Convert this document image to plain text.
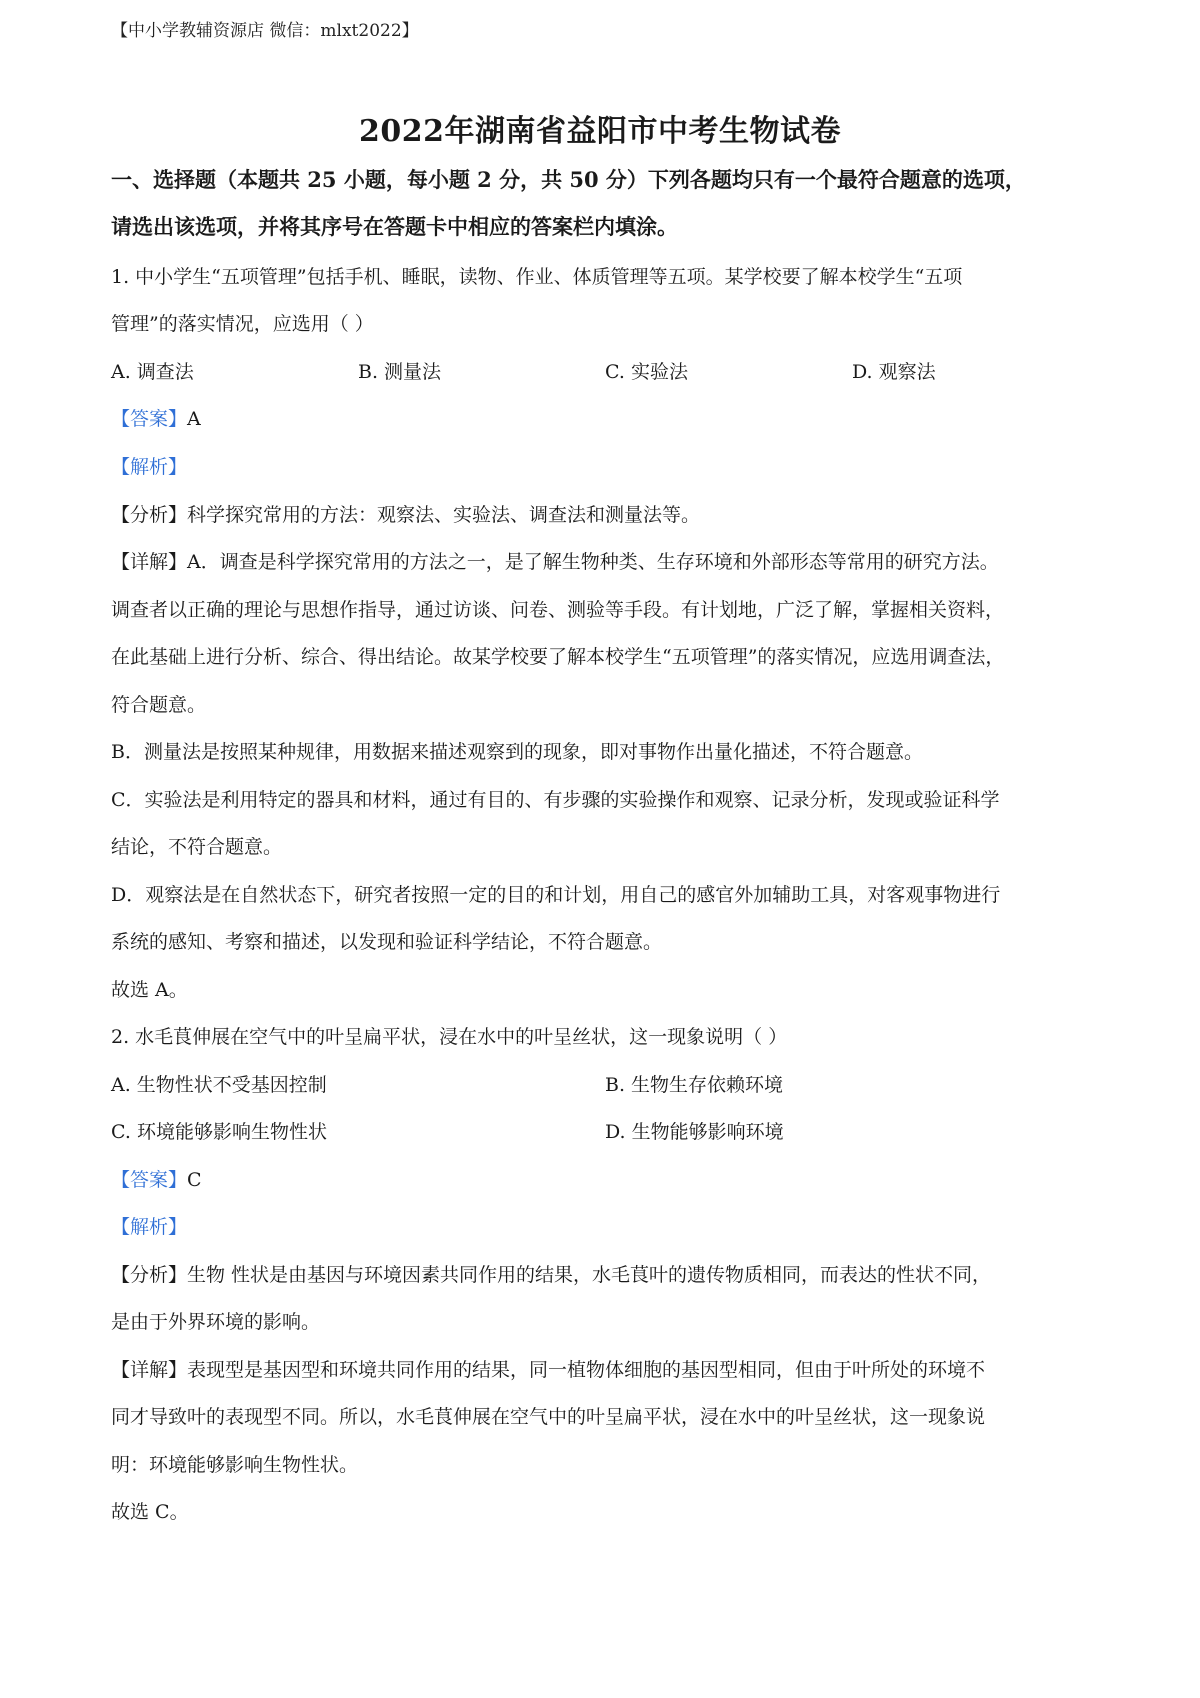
【中小学教辅资源店 微信：mlxt2022】
2022年湖南省益阳市中考生物试卷
一、选择题（本题共 25 小题，每小题 2 分，共 50 分）下列各题均只有一个最符合题意的选项，
请选出该选项，并将其序号在答题卡中相应的答案栏内填涂。
1. 中小学生“五项管理”包括手机、睡眠，读物、作业、体质管理等五项。某学校要了解本校学生“五项
管理”的落实情况，应选用（ ）
A. 调查法	B. 测量法	C. 实验法	D. 观察法
【答案】A
【解析】
【分析】科学探究常用的方法：观察法、实验法、调查法和测量法等。
【详解】A．调查是科学探究常用的方法之一，是了解生物种类、生存环境和外部形态等常用的研究方法。
调查者以正确的理论与思想作指导，通过访谈、问卷、测验等手段。有计划地，广泛了解，掌握相关资料，
在此基础上进行分析、综合、得出结论。故某学校要了解本校学生“五项管理”的落实情况，应选用调查法，
符合题意。
B．测量法是按照某种规律，用数据来描述观察到的现象，即对事物作出量化描述，不符合题意。
C．实验法是利用特定的器具和材料，通过有目的、有步骤的实验操作和观察、记录分析，发现或验证科学
结论，不符合题意。
D．观察法是在自然状态下，研究者按照一定的目的和计划，用自己的感官外加辅助工具，对客观事物进行
系统的感知、考察和描述，以发现和验证科学结论，不符合题意。
故选 A。
2. 水毛茛伸展在空气中的叶呈扁平状，浸在水中的叶呈丝状，这一现象说明（ ）
A. 生物性状不受基因控制	B. 生物生存依赖环境
C. 环境能够影响生物性状	D. 生物能够影响环境
【答案】C
【解析】
【分析】生物 性状是由基因与环境因素共同作用的结果，水毛茛叶的遗传物质相同，而表达的性状不同，
是由于外界环境的影响。
【详解】表现型是基因型和环境共同作用的结果，同一植物体细胞的基因型相同，但由于叶所处的环境不
同才导致叶的表现型不同。所以，水毛茛伸展在空气中的叶呈扁平状，浸在水中的叶呈丝状，这一现象说
明：环境能够影响生物性状。
故选 C。
